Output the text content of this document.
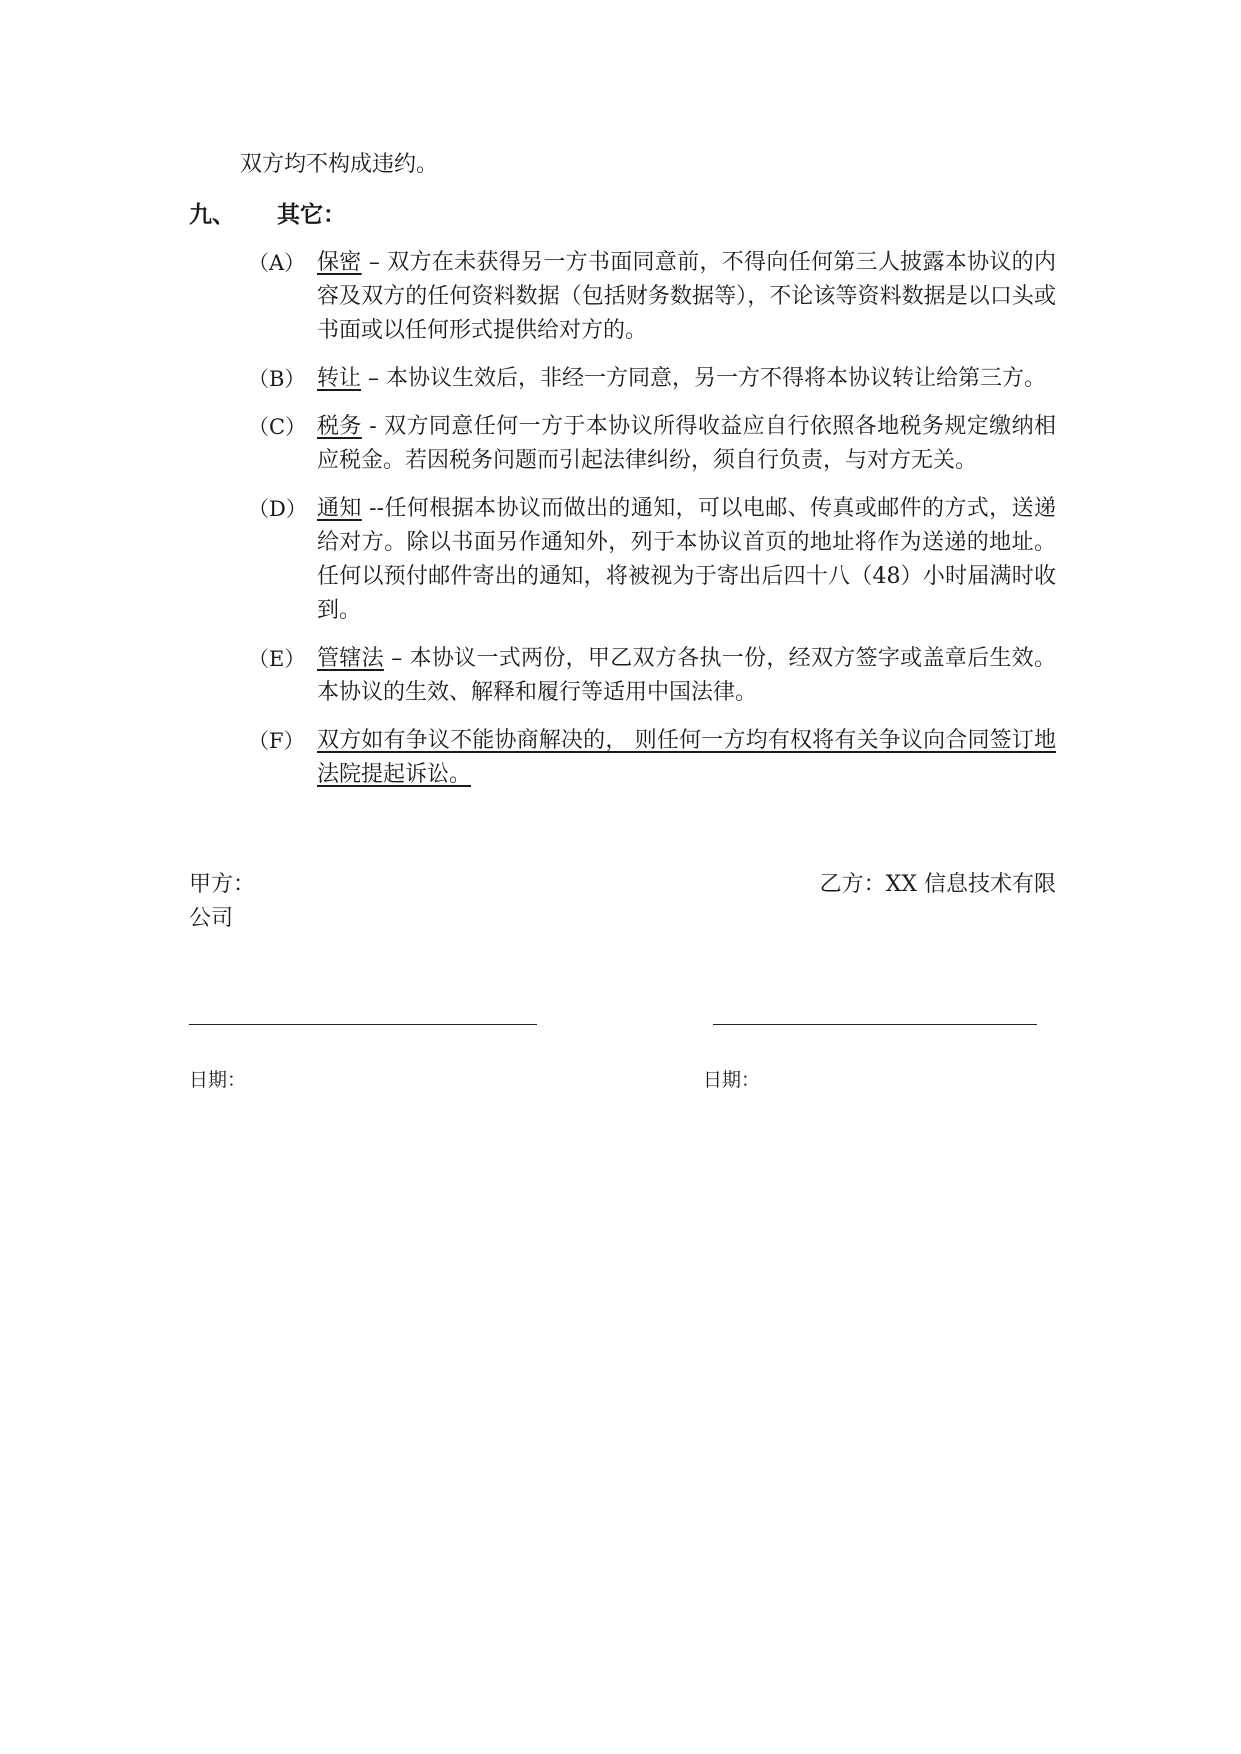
双方均不构成违约。
九、	其它：
（A） 保密 – 双方在未获得另一方书面同意前，不得向任何第三人披露本协议的内容及双方的任何资料数据（包括财务数据等），不论该等资料数据是以口头或书面或以任何形式提供给对方的。
（B） 转让 – 本协议生效后，非经一方同意，另一方不得将本协议转让给第三方。
（C） 税务 - 双方同意任何一方于本协议所得收益应自行依照各地税务规定缴纳相应税金。若因税务问题而引起法律纠纷，须自行负责，与对方无关。
（D） 通知 --任何根据本协议而做出的通知，可以电邮、传真或邮件的方式，送递给对方。除以书面另作通知外，列于本协议首页的地址将作为送递的地址。任何以预付邮件寄出的通知，将被视为于寄出后四十八（48）小时届满时收到。
（E） 管辖法 – 本协议一式两份，甲乙双方各执一份，经双方签字或盖章后生效。本协议的生效、解释和履行等适用中国法律。
（F） 双方如有争议不能协商解决的， 则任何一方均有权将有关争议向合同签订地法院提起诉讼。
甲方：	乙方：XX 信息技术有限
公司
日期：	日期：
